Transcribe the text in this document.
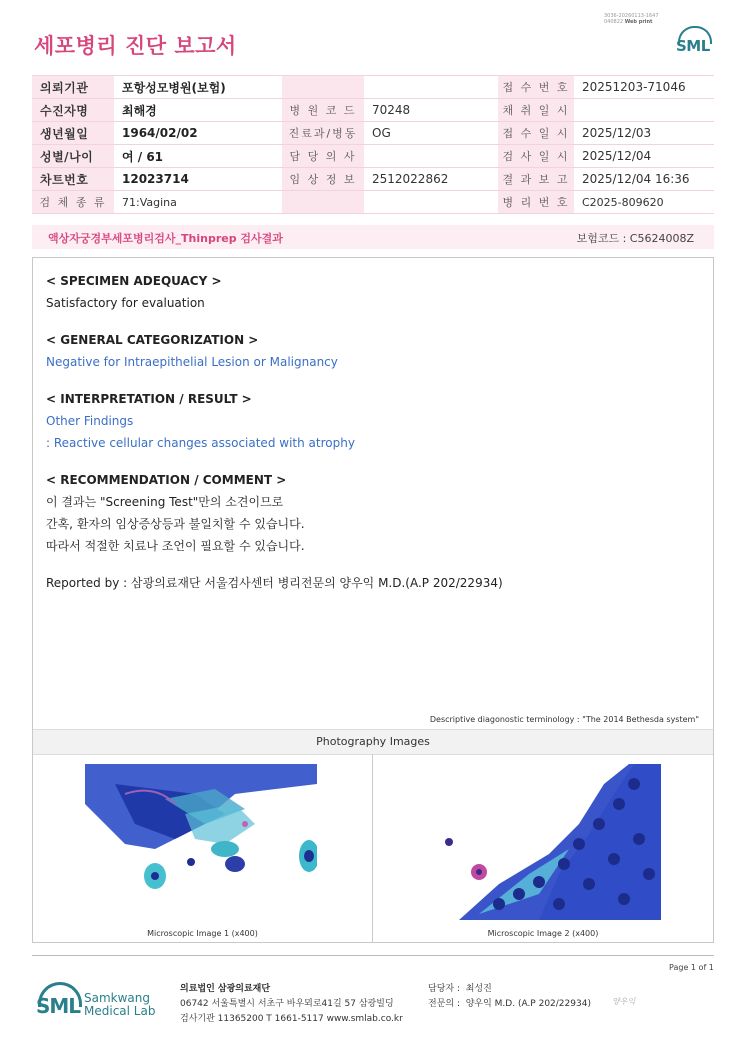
세포병리 진단 보고서
3036-20260113-1647
040822 Web print
SML
의뢰기관	포항성모병원(보험)			접 수 번 호	20251203-71046
수진자명	최해경	병 원 코 드	70248	채 취 일 시	
생년월일	1964/02/02	진료과/병동	OG	접 수 일 시	2025/12/03
성별/나이	여 / 61	담 당 의 사		검 사 일 시	2025/12/04
차트번호	12023714	임 상 정 보	2512022862	결 과 보 고	2025/12/04 16:36
검 체 종 류	71:Vagina			병 리 번 호	C2025-809620
액상자궁경부세포병리검사_Thinprep 검사결과	보험코드 : C5624008Z
< SPECIMEN ADEQUACY >
Satisfactory for evaluation
< GENERAL CATEGORIZATION >
Negative for Intraepithelial Lesion or Malignancy
< INTERPRETATION / RESULT >
Other Findings
: Reactive cellular changes associated with atrophy
< RECOMMENDATION / COMMENT >
이 결과는 "Screening Test"만의 소견이므로
간혹, 환자의 임상증상등과 불일치할 수 있습니다.
따라서 적절한 치료나 조언이 필요할 수 있습니다.
Reported by : 삼광의료재단 서울검사센터 병리전문의 양우익 M.D.(A.P 202/22934)
Descriptive diagonostic terminology : "The 2014 Bethesda system"
Photography Images
Microscopic Image 1 (x400)	Microscopic Image 2 (x400)
Page 1 of 1
SML Samkwang
Medical Lab
의료법인 삼광의료재단
06742 서울특별시 서초구 바우뫼로41길 57 삼광빌딩
검사기관 11365200 T 1661-5117 www.smlab.co.kr
담당자 : 최성진
전문의 : 양우익 M.D. (A.P 202/22934)	양우익
